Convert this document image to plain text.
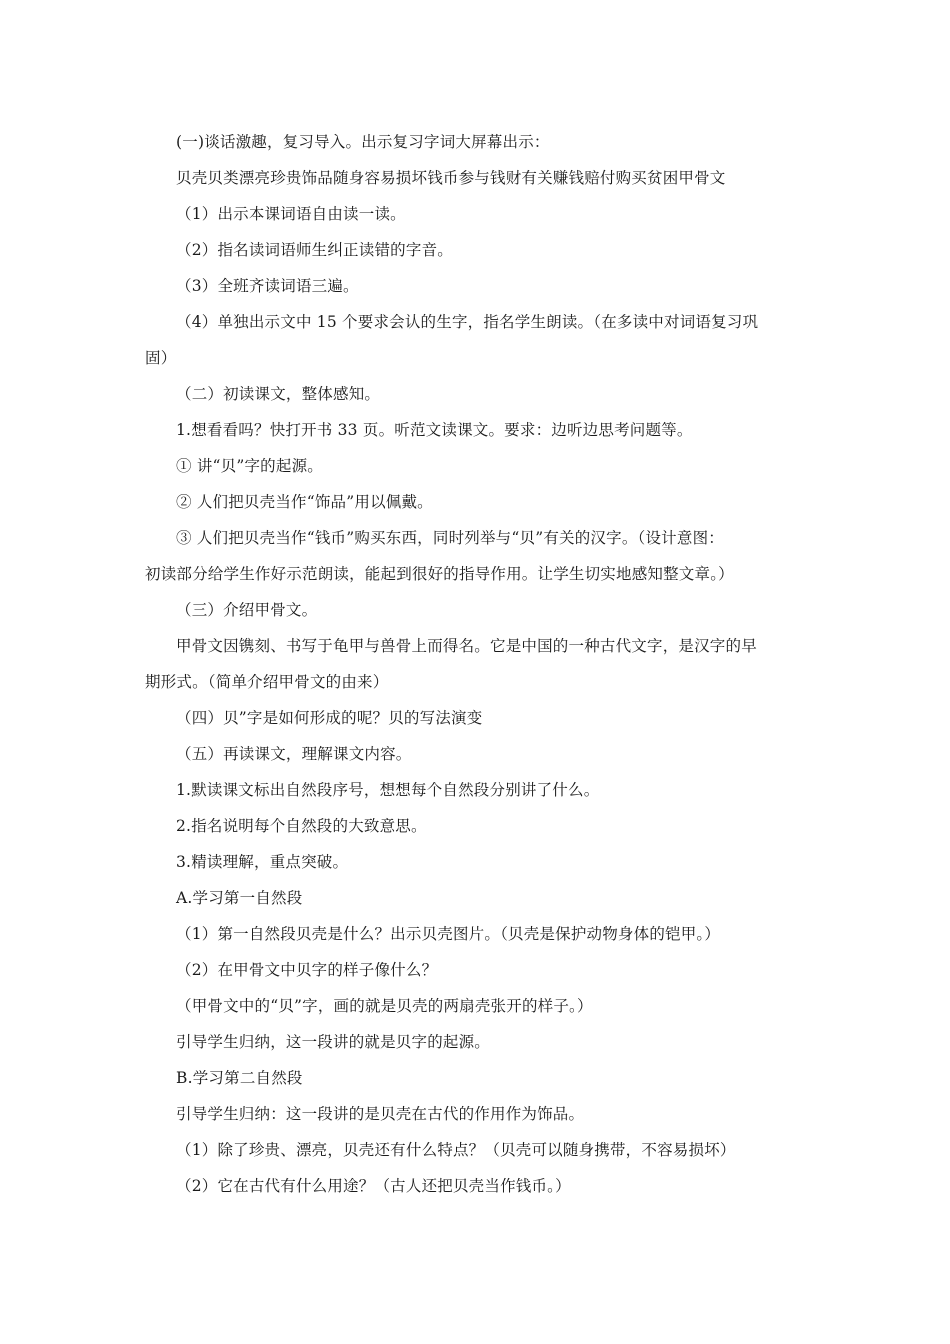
(一)谈话激趣，复习导入。出示复习字词大屏幕出示：
贝壳贝类漂亮珍贵饰品随身容易损坏钱币参与钱财有关赚钱赔付购买贫困甲骨文
（1）出示本课词语自由读一读。
（2）指名读词语师生纠正读错的字音。
（3）全班齐读词语三遍。
（4）单独出示文中 15 个要求会认的生字，指名学生朗读。（在多读中对词语复习巩
固）
（二）初读课文，整体感知。
1.想看看吗？快打开书 33 页。听范文读课文。要求：边听边思考问题等。
① 讲“贝”字的起源。
② 人们把贝壳当作“饰品”用以佩戴。
③ 人们把贝壳当作“钱币”购买东西，同时列举与“贝”有关的汉字。（设计意图：
初读部分给学生作好示范朗读，能起到很好的指导作用。让学生切实地感知整文章。）
（三）介绍甲骨文。
甲骨文因镌刻、书写于龟甲与兽骨上而得名。它是中国的一种古代文字，是汉字的早
期形式。（简单介绍甲骨文的由来）
（四）贝”字是如何形成的呢？贝的写法演变
（五）再读课文，理解课文内容。
1.默读课文标出自然段序号，想想每个自然段分别讲了什么。
2.指名说明每个自然段的大致意思。
3.精读理解，重点突破。
A.学习第一自然段
（1）第一自然段贝壳是什么？出示贝壳图片。（贝壳是保护动物身体的铠甲。）
（2）在甲骨文中贝字的样子像什么？
（甲骨文中的“贝”字，画的就是贝壳的两扇壳张开的样子。）
引导学生归纳，这一段讲的就是贝字的起源。
B.学习第二自然段
引导学生归纳：这一段讲的是贝壳在古代的作用作为饰品。
（1）除了珍贵、漂亮，贝壳还有什么特点？（贝壳可以随身携带，不容易损坏）
（2）它在古代有什么用途？（古人还把贝壳当作钱币。）
